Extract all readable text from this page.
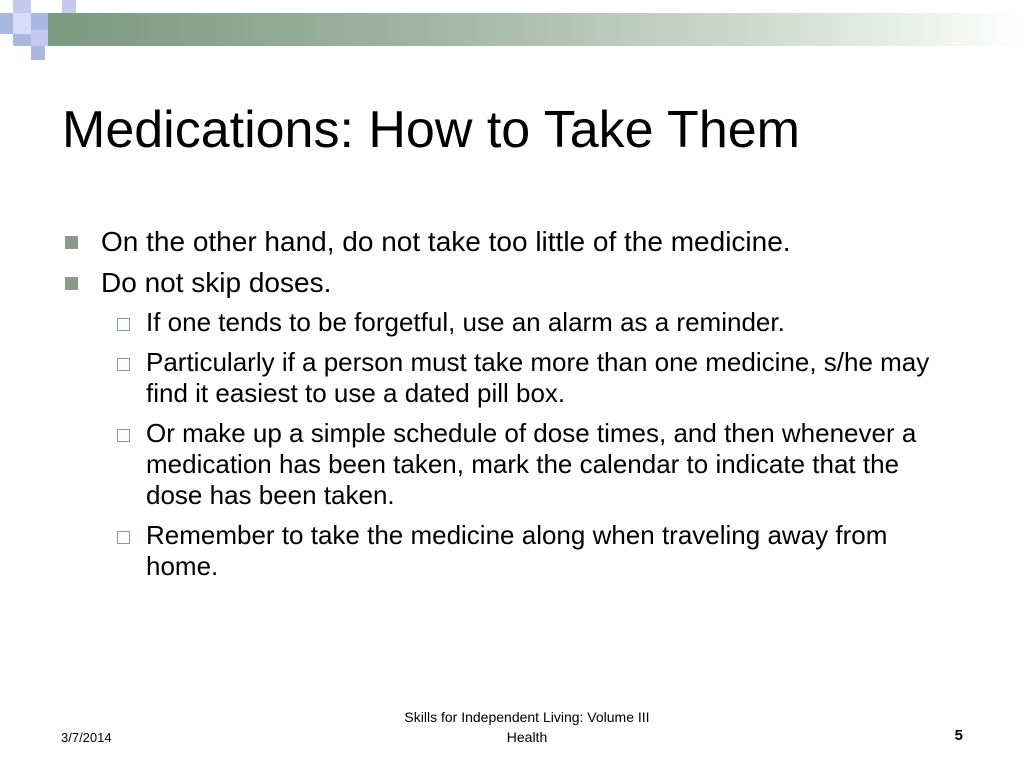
Medications: How to Take Them
On the other hand, do not take too little of the medicine.
Do not skip doses.
If one tends to be forgetful, use an alarm as a reminder.
Particularly if a person must take more than one medicine, s/he may find it easiest to use a dated pill box.
Or make up a simple schedule of dose times, and then whenever a medication has been taken, mark the calendar to indicate that the dose has been taken.
Remember to take the medicine along when traveling away from home.
3/7/2014
Skills for Independent Living: Volume III
Health	5
